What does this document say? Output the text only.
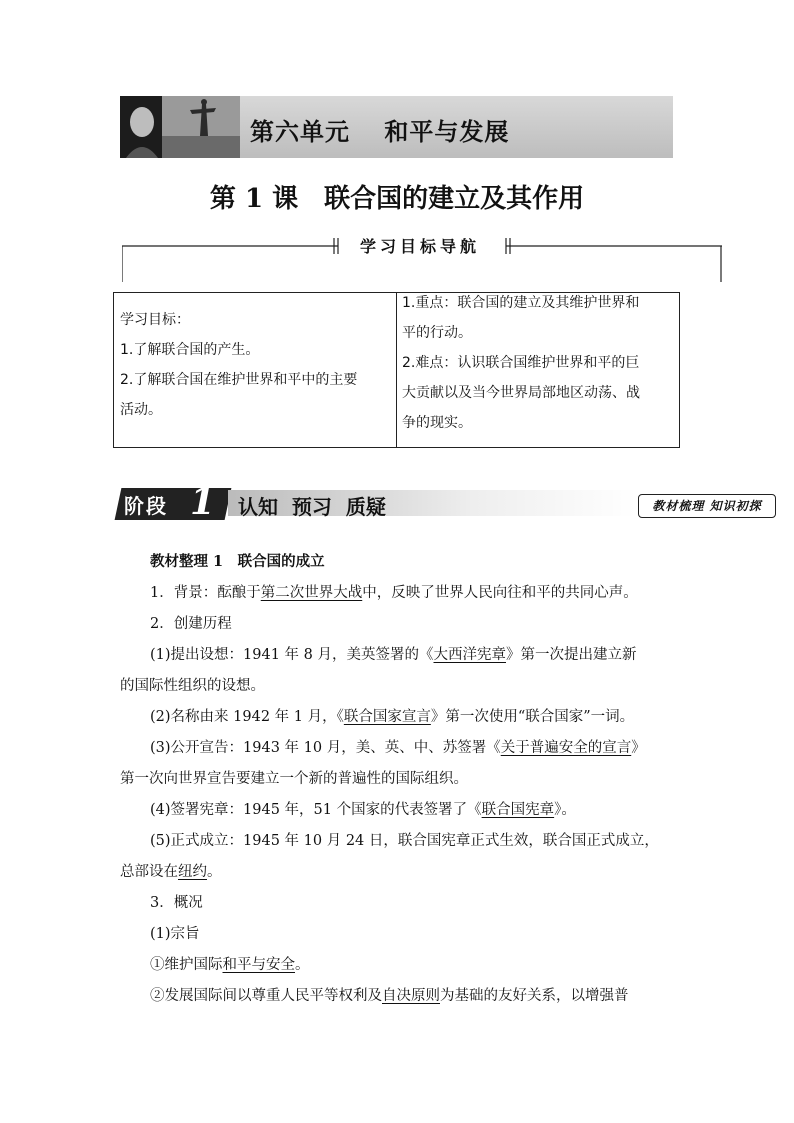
第六单元　 和平与发展
第 1 课　联合国的建立及其作用
学习目标导航
学习目标：
1.了解联合国的产生。
2.了解联合国在维护世界和平中的主要
活动。
1.重点：联合国的建立及其维护世界和
平的行动。
2.难点：认识联合国维护世界和平的巨
大贡献以及当今世界局部地区动荡、战
争的现实。
阶段 1 认知  预习  质疑	教材梳理 知识初探
教材整理 1　联合国的成立
1．背景：酝酿于第二次世界大战中，反映了世界人民向往和平的共同心声。
2．创建历程
(1)提出设想：1941 年 8 月，美英签署的《大西洋宪章》第一次提出建立新
的国际性组织的设想。
(2)名称由来 1942 年 1 月，《联合国家宣言》第一次使用“联合国家”一词。
(3)公开宣告：1943 年 10 月，美、英、中、苏签署《关于普遍安全的宣言》
第一次向世界宣告要建立一个新的普遍性的国际组织。
(4)签署宪章：1945 年，51 个国家的代表签署了《联合国宪章》。
(5)正式成立：1945 年 10 月 24 日，联合国宪章正式生效，联合国正式成立，
总部设在纽约。
3．概况
(1)宗旨
①维护国际和平与安全。
②发展国际间以尊重人民平等权利及自决原则为基础的友好关系，以增强普
